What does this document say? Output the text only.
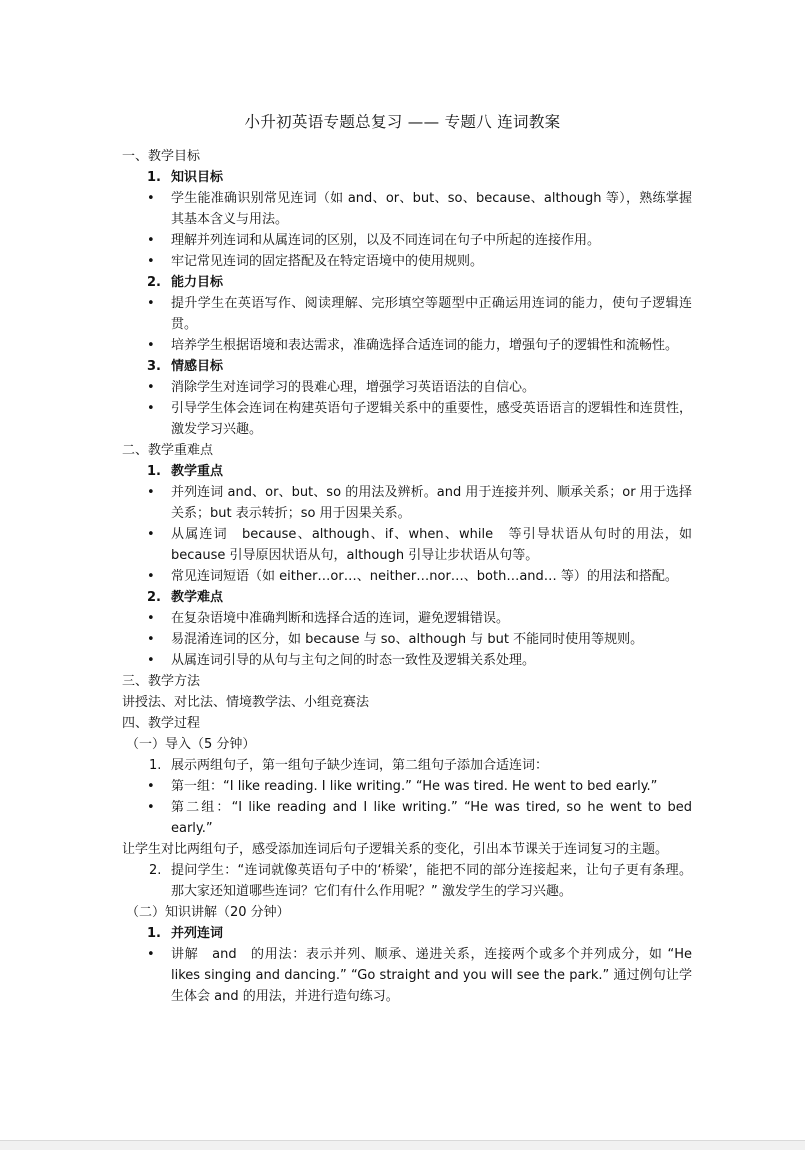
小升初英语专题总复习 —— 专题八 连词教案
一、教学目标
1. 知识目标
• 学生能准确识别常见连词（如 and、or、but、so、because、although 等），熟练掌握其基本含义与用法。
• 理解并列连词和从属连词的区别，以及不同连词在句子中所起的连接作用。
• 牢记常见连词的固定搭配及在特定语境中的使用规则。
2. 能力目标
• 提升学生在英语写作、阅读理解、完形填空等题型中正确运用连词的能力，使句子逻辑连贯。
• 培养学生根据语境和表达需求，准确选择合适连词的能力，增强句子的逻辑性和流畅性。
3. 情感目标
• 消除学生对连词学习的畏难心理，增强学习英语语法的自信心。
• 引导学生体会连词在构建英语句子逻辑关系中的重要性，感受英语语言的逻辑性和连贯性，激发学习兴趣。
二、教学重难点
1. 教学重点
• 并列连词 and、or、but、so 的用法及辨析。and 用于连接并列、顺承关系；or 用于选择关系；but 表示转折；so 用于因果关系。
• 从属连词　because、although、if、when、while　等引导状语从句时的用法，如 because 引导原因状语从句，although 引导让步状语从句等。
• 常见连词短语（如 either…or…、neither…nor…、both…and… 等）的用法和搭配。
2. 教学难点
• 在复杂语境中准确判断和选择合适的连词，避免逻辑错误。
• 易混淆连词的区分，如 because 与 so、although 与 but 不能同时使用等规则。
• 从属连词引导的从句与主句之间的时态一致性及逻辑关系处理。
三、教学方法
讲授法、对比法、情境教学法、小组竞赛法
四、教学过程
（一）导入（5 分钟）
1. 展示两组句子，第一组句子缺少连词，第二组句子添加合适连词：
• 第一组：“I like reading. I like writing.” “He was tired. He went to bed early.”
• 第二组：“I like reading and I like writing.” “He was tired, so he went to bed early.”
让学生对比两组句子，感受添加连词后句子逻辑关系的变化，引出本节课关于连词复习的主题。
2. 提问学生：“连词就像英语句子中的‘桥梁’，能把不同的部分连接起来，让句子更有条理。那大家还知道哪些连词？它们有什么作用呢？” 激发学生的学习兴趣。
（二）知识讲解（20 分钟）
1. 并列连词
• 讲解　and　的用法：表示并列、顺承、递进关系，连接两个或多个并列成分，如 “He likes singing and dancing.” “Go straight and you will see the park.” 通过例句让学生体会 and 的用法，并进行造句练习。
